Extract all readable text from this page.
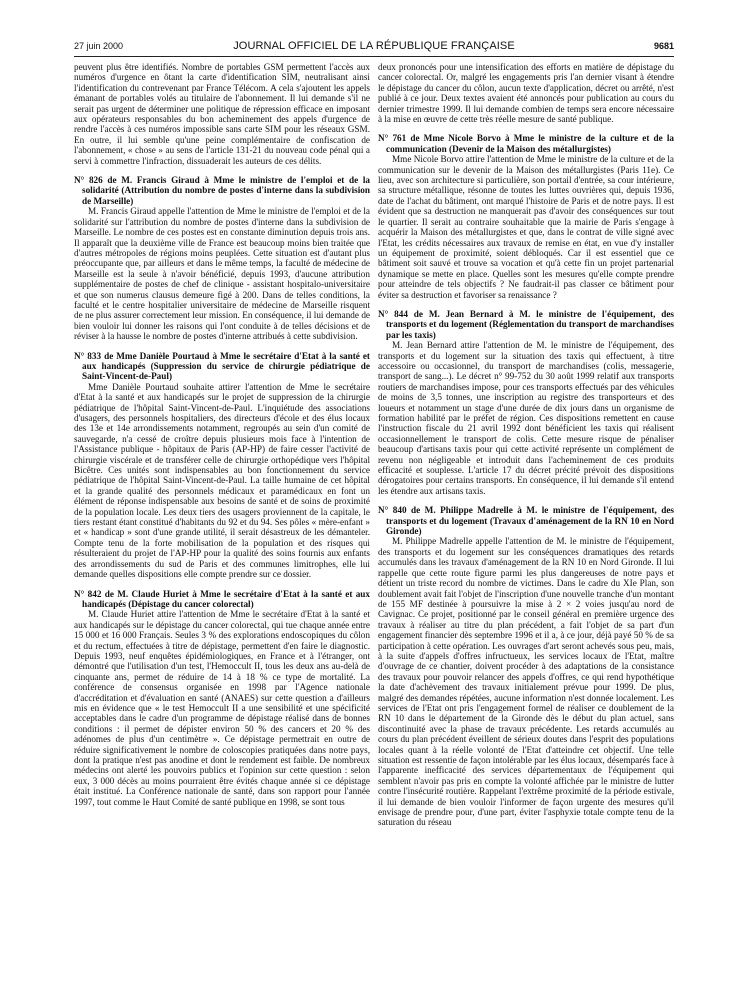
27 juin 2000	JOURNAL OFFICIEL DE LA RÉPUBLIQUE FRANÇAISE	9681

peuvent plus être identifiés. Nombre de portables GSM permettent l'accès aux numéros d'urgence en ôtant la carte d'identification SIM, neutralisant ainsi l'identification du contrevenant par France Télécom. A cela s'ajoutent les appels émanant de portables volés au titulaire de l'abonnement. Il lui demande s'il ne serait pas urgent de déterminer une politique de répression efficace en imposant aux opérateurs responsables du bon acheminement des appels d'urgence de rendre l'accès à ces numéros impossible sans carte SIM pour les réseaux GSM. En outre, il lui semble qu'une peine complémentaire de confiscation de l'abonnement, « chose » au sens de l'article 131-21 du nouveau code pénal qui a servi à commettre l'infraction, dissuaderait les auteurs de ces délits.

N° 826 de M. Francis Giraud à Mme le ministre de l'emploi et de la solidarité (Attribution du nombre de postes d'interne dans la subdivision de Marseille)

M. Francis Giraud appelle l'attention de Mme le ministre de l'emploi et de la solidarité sur l'attribution du nombre de postes d'interne dans la subdivision de Marseille. Le nombre de ces postes est en constante diminution depuis trois ans. Il apparaît que la deuxième ville de France est beaucoup moins bien traitée que d'autres métropoles de régions moins peuplées. Cette situation est d'autant plus préoccupante que, par ailleurs et dans le même temps, la faculté de médecine de Marseille est la seule à n'avoir bénéficié, depuis 1993, d'aucune attribution supplémentaire de postes de chef de clinique - assistant hospitalo-universitaire et que son numerus clausus demeure figé à 200. Dans de telles conditions, la faculté et le centre hospitalier universitaire de médecine de Marseille risquent de ne plus assurer correctement leur mission. En conséquence, il lui demande de bien vouloir lui donner les raisons qui l'ont conduite à de telles décisions et de réviser à la hausse le nombre de postes d'interne attribués à cette subdivision.

N° 833 de Mme Danièle Pourtaud à Mme le secrétaire d'Etat à la santé et aux handicapés (Suppression du service de chirurgie pédiatrique de Saint-Vincent-de-Paul)

Mme Danièle Pourtaud souhaite attirer l'attention de Mme le secrétaire d'Etat à la santé et aux handicapés sur le projet de suppression de la chirurgie pédiatrique de l'hôpital Saint-Vincent-de-Paul. L'inquiétude des associations d'usagers, des personnels hospitaliers, des directeurs d'école et des élus locaux des 13e et 14e arrondissements notamment, regroupés au sein d'un comité de sauvegarde, n'a cessé de croître depuis plusieurs mois face à l'intention de l'Assistance publique - hôpitaux de Paris (AP-HP) de faire cesser l'activité de chirurgie viscérale et de transférer celle de chirurgie orthopédique vers l'hôpital Bicêtre. Ces unités sont indispensables au bon fonctionnement du service pédiatrique de l'hôpital Saint-Vincent-de-Paul. La taille humaine de cet hôpital et la grande qualité des personnels médicaux et paramédicaux en font un élément de réponse indispensable aux besoins de santé et de soins de proximité de la population locale. Les deux tiers des usagers proviennent de la capitale, le tiers restant étant constitué d'habitants du 92 et du 94. Ses pôles « mère-enfant » et « handicap » sont d'une grande utilité, il serait désastreux de les démanteler. Compte tenu de la forte mobilisation de la population et des risques qui résulteraient du projet de l'AP-HP pour la qualité des soins fournis aux enfants des arrondissements du sud de Paris et des communes limitrophes, elle lui demande quelles dispositions elle compte prendre sur ce dossier.

N° 842 de M. Claude Huriet à Mme le secrétaire d'Etat à la santé et aux handicapés (Dépistage du cancer colorectal)

M. Claude Huriet attire l'attention de Mme le secrétaire d'Etat à la santé et aux handicapés sur le dépistage du cancer colorectal, qui tue chaque année entre 15 000 et 16 000 Français. Seules 3 % des explorations endoscopiques du côlon et du rectum, effectuées à titre de dépistage, permettent d'en faire le diagnostic. Depuis 1993, neuf enquêtes épidémiologiques, en France et à l'étranger, ont démontré que l'utilisation d'un test, l'Hemoccult II, tous les deux ans au-delà de cinquante ans, permet de réduire de 14 à 18 % ce type de mortalité. La conférence de consensus organisée en 1998 par l'Agence nationale d'accréditation et d'évaluation en santé (ANAES) sur cette question a d'ailleurs mis en évidence que « le test Hemoccult II a une sensibilité et une spécificité acceptables dans le cadre d'un programme de dépistage réalisé dans de bonnes conditions : il permet de dépister environ 50 % des cancers et 20 % des adénomes de plus d'un centimètre ». Ce dépistage permettrait en outre de réduire significativement le nombre de coloscopies pratiquées dans notre pays, dont la pratique n'est pas anodine et dont le rendement est faible. De nombreux médecins ont alerté les pouvoirs publics et l'opinion sur cette question : selon eux, 3 000 décès au moins pourraient être évités chaque année si ce dépistage était institué. La Conférence nationale de santé, dans son rapport pour l'année 1997, tout comme le Haut Comité de santé publique en 1998, se sont tous

deux prononcés pour une intensification des efforts en matière de dépistage du cancer colorectal. Or, malgré les engagements pris l'an dernier visant à étendre le dépistage du cancer du côlon, aucun texte d'application, décret ou arrêté, n'est publié à ce jour. Deux textes avaient été annoncés pour publication au cours du dernier trimestre 1999. Il lui demande combien de temps sera encore nécessaire à la mise en œuvre de cette très réelle mesure de santé publique.

N° 761 de Mme Nicole Borvo à Mme le ministre de la culture et de la communication (Devenir de la Maison des métallurgistes)

Mme Nicole Borvo attire l'attention de Mme le ministre de la culture et de la communication sur le devenir de la Maison des métallurgistes (Paris 11e). Ce lieu, avec son architecture si particulière, son portail d'entrée, sa cour intérieure, sa structure métallique, résonne de toutes les luttes ouvrières qui, depuis 1936, date de l'achat du bâtiment, ont marqué l'histoire de Paris et de notre pays. Il est évident que sa destruction ne manquerait pas d'avoir des conséquences sur tout le quartier. Il serait au contraire souhaitable que la mairie de Paris s'engage à acquérir la Maison des métallurgistes et que, dans le contrat de ville signé avec l'Etat, les crédits nécessaires aux travaux de remise en état, en vue d'y installer un équipement de proximité, soient débloqués. Car il est essentiel que ce bâtiment soit sauvé et trouve sa vocation et qu'à cette fin un projet partenarial dynamique se mette en place. Quelles sont les mesures qu'elle compte prendre pour atteindre de tels objectifs ? Ne faudrait-il pas classer ce bâtiment pour éviter sa destruction et favoriser sa renaissance ?

N° 844 de M. Jean Bernard à M. le ministre de l'équipement, des transports et du logement (Réglementation du transport de marchandises par les taxis)

M. Jean Bernard attire l'attention de M. le ministre de l'équipement, des transports et du logement sur la situation des taxis qui effectuent, à titre accessoire ou occasionnel, du transport de marchandises (colis, messagerie, transport de sang...). Le décret n° 99-752 du 30 août 1999 relatif aux transports routiers de marchandises impose, pour ces transports effectués par des véhicules de moins de 3,5 tonnes, une inscription au registre des transporteurs et des loueurs et notamment un stage d'une durée de dix jours dans un organisme de formation habilité par le préfet de région. Ces dispositions remettent en cause l'instruction fiscale du 21 avril 1992 dont bénéficient les taxis qui réalisent occasionnellement le transport de colis. Cette mesure risque de pénaliser beaucoup d'artisans taxis pour qui cette activité représente un complément de revenu non négligeable et introduit dans l'acheminement de ces produits efficacité et souplesse. L'article 17 du décret précité prévoit des dispositions dérogatoires pour certains transports. En conséquence, il lui demande s'il entend les étendre aux artisans taxis.

N° 840 de M. Philippe Madrelle à M. le ministre de l'équipement, des transports et du logement (Travaux d'aménagement de la RN 10 en Nord Gironde)

M. Philippe Madrelle appelle l'attention de M. le ministre de l'équipement, des transports et du logement sur les conséquences dramatiques des retards accumulés dans les travaux d'aménagement de la RN 10 en Nord Gironde. Il lui rappelle que cette route figure parmi les plus dangereuses de notre pays et détient un triste record du nombre de victimes. Dans le cadre du XIe Plan, son doublement avait fait l'objet de l'inscription d'une nouvelle tranche d'un montant de 155 MF destinée à poursuivre la mise à 2 × 2 voies jusqu'au nord de Cavignac. Ce projet, positionné par le conseil général en première urgence des travaux à réaliser au titre du plan précédent, a fait l'objet de sa part d'un engagement financier dès septembre 1996 et il a, à ce jour, déjà payé 50 % de sa participation à cette opération. Les ouvrages d'art seront achevés sous peu, mais, à la suite d'appels d'offres infructueux, les services locaux de l'Etat, maître d'ouvrage de ce chantier, doivent procéder à des adaptations de la consistance des travaux pour pouvoir relancer des appels d'offres, ce qui rend hypothétique la date d'achèvement des travaux initialement prévue pour 1999. De plus, malgré des demandes répétées, aucune information n'est donnée localement. Les services de l'Etat ont pris l'engagement formel de réaliser ce doublement de la RN 10 dans le département de la Gironde dès le début du plan actuel, sans discontinuité avec la phase de travaux précédente. Les retards accumulés au cours du plan précédent éveillent de sérieux doutes dans l'esprit des populations locales quant à la réelle volonté de l'Etat d'atteindre cet objectif. Une telle situation est ressentie de façon intolérable par les élus locaux, désemparés face à l'apparente inefficacité des services départementaux de l'équipement qui semblent n'avoir pas pris en compte la volonté affichée par le ministre de lutter contre l'insécurité routière. Rappelant l'extrême proximité de la période estivale, il lui demande de bien vouloir l'informer de façon urgente des mesures qu'il envisage de prendre pour, d'une part, éviter l'asphyxie totale compte tenu de la saturation du réseau
